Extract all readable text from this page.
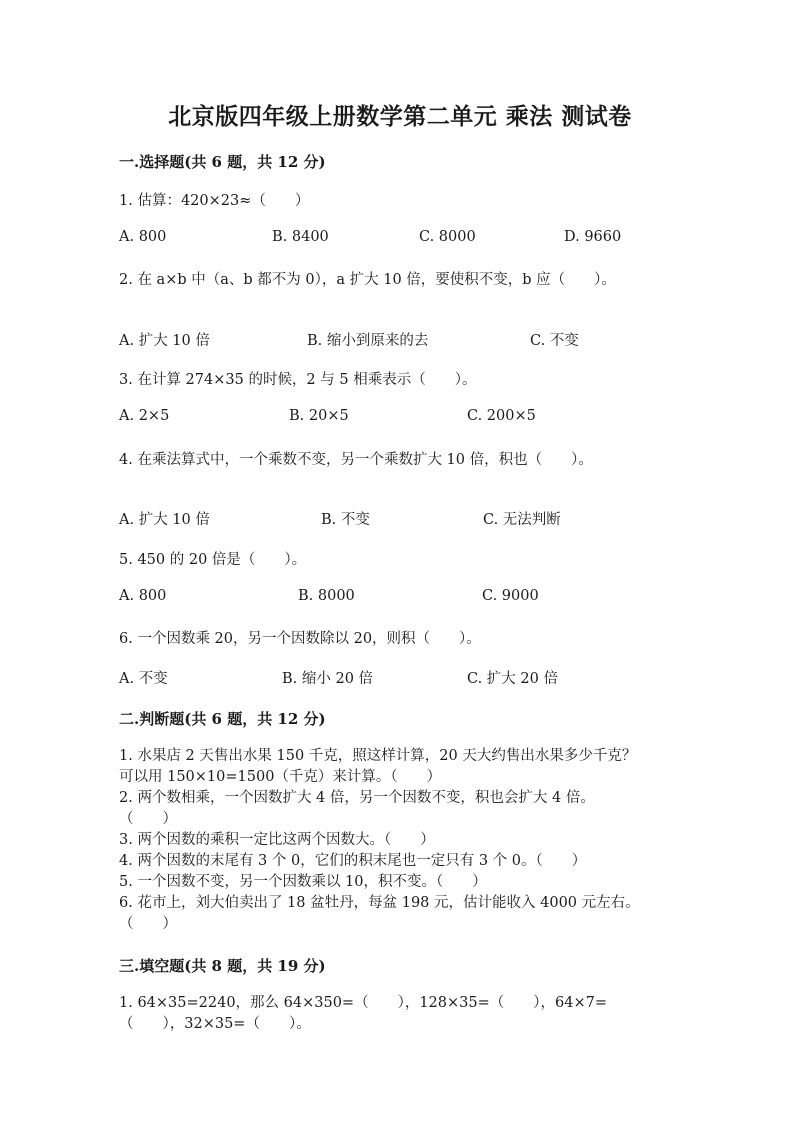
北京版四年级上册数学第二单元 乘法 测试卷
一.选择题(共 6 题，共 12 分)
1. 估算：420×23≈（　　）
A. 800	B. 8400	C. 8000	D. 9660
2. 在 a×b 中（a、b 都不为 0），a 扩大 10 倍，要使积不变，b 应（　　）。
A. 扩大 10 倍	B. 缩小到原来的去	C. 不变
3. 在计算 274×35 的时候，2 与 5 相乘表示（　　）。
A. 2×5	B. 20×5	C. 200×5
4. 在乘法算式中，一个乘数不变，另一个乘数扩大 10 倍，积也（　　）。
A. 扩大 10 倍	B. 不变	C. 无法判断
5. 450 的 20 倍是（　　）。
A. 800	B. 8000	C. 9000
6. 一个因数乘 20，另一个因数除以 20，则积（　　）。
A. 不变	B. 缩小 20 倍	C. 扩大 20 倍
二.判断题(共 6 题，共 12 分)
1. 水果店 2 天售出水果 150 千克，照这样计算，20 天大约售出水果多少千克？
可以用 150×10=1500（千克）来计算。（　　）
2. 两个数相乘，一个因数扩大 4 倍，另一个因数不变，积也会扩大 4 倍。
（　　）
3. 两个因数的乘积一定比这两个因数大。（　　）
4. 两个因数的末尾有 3 个 0，它们的积末尾也一定只有 3 个 0。（　　）
5. 一个因数不变，另一个因数乘以 10，积不变。（　　）
6. 花市上，刘大伯卖出了 18 盆牡丹，每盆 198 元，估计能收入 4000 元左右。
（　　）
三.填空题(共 8 题，共 19 分)
1. 64×35=2240，那么 64×350=（　　），128×35=（　　），64×7=
（　　），32×35=（　　）。
